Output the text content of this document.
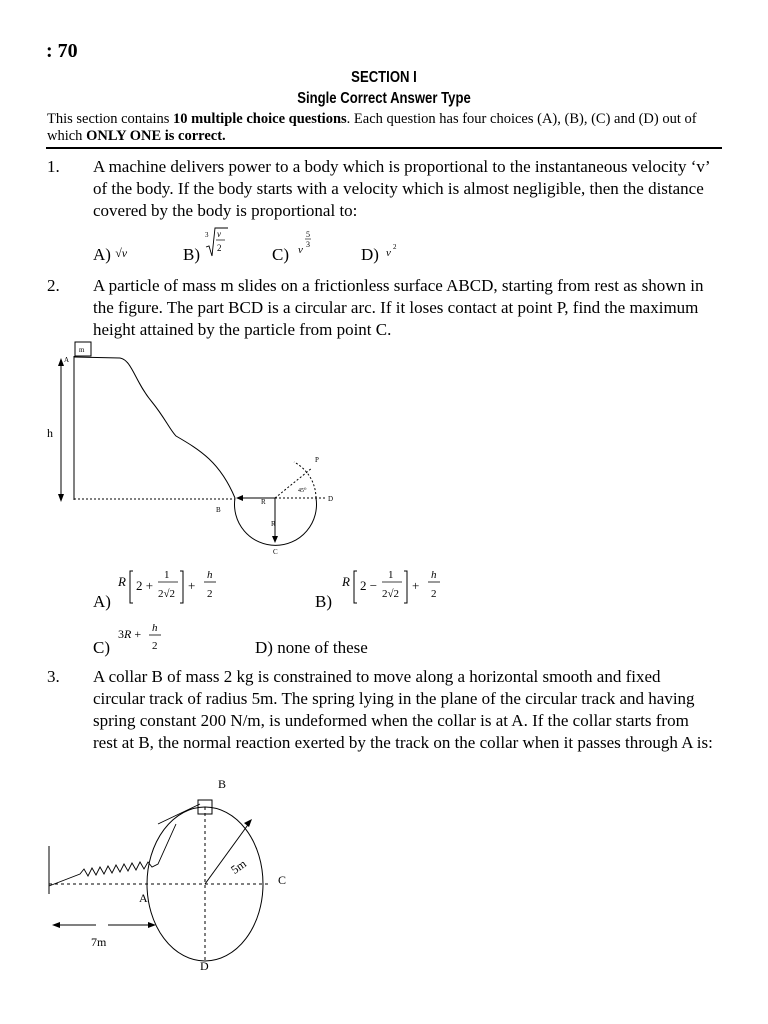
: 70
SECTION I
Single Correct Answer Type
This section contains 10 multiple choice questions. Each question has four choices (A), (B), (C) and (D) out of which ONLY ONE is correct.
1. A machine delivers power to a body which is proportional to the instantaneous velocity ‘v’ of the body. If the body starts with a velocity which is almost negligible, then the distance covered by the body is proportional to:
A) √v	B)
3 v
2	C) v
5
3
D) v 2
2. A particle of mass m slides on a frictionless surface ABCD, starting from rest as shown in the figure. The part BCD is a circular arc. If it loses contact at point P, find the maximum height attained by the particle from point C.
m
A
h
B
R
R
C
D
P
45⁰
A)
R 2 +
1
2√2
+
h
2	B)
R 2 −
1
2√2
+
h
2
C)
3R + h
2	D) none of these
3. A collar B of mass 2 kg is constrained to move along a horizontal smooth and fixed circular track of radius 5m. The spring lying in the plane of the circular track and having spring constant 200 N/m, is undeformed when the collar is at A. If the collar starts from rest at B, the normal reaction exerted by the track on the collar when it passes through A is:
B
5m
C
A
D
7m
